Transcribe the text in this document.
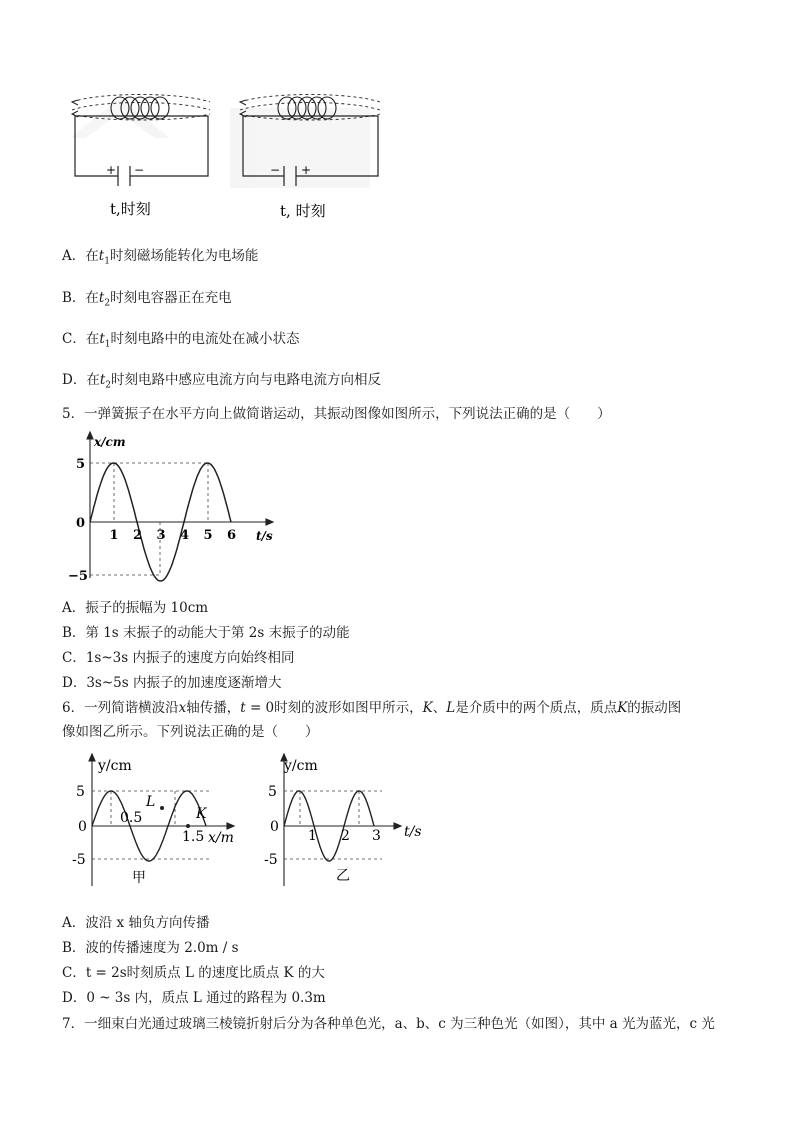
+ −	− +
t,时刻	t, 时刻
A．在$t_1$时刻磁场能转化为电场能
B．在$t_2$时刻电容器正在充电
C．在$t_1$时刻电路中的电流处在减小状态
D．在$t_2$时刻电路中感应电流方向与电路电流方向相反
5．一弹簧振子在水平方向上做简谐运动，其振动图像如图所示，下列说法正确的是（　　）
1 2 3 4 5 6
5
0
−5
x/cm
t/s
A．振子的振幅为 10cm
B．第 1s 末振子的动能大于第 2s 末振子的动能
C．1s~3s 内振子的速度方向始终相同
D．3s~5s 内振子的加速度逐渐增大
6．一列简谐横波沿x轴传播，t = 0时刻的波形如图甲所示，K、L是介质中的两个质点，质点K的振动图
像如图乙所示。下列说法正确的是（　　）
L
K
y/cm
x/m
5
0
-5
0.5
1.5
甲
y/cm
t/s
5
0
-5
1 2 3
乙
A．波沿 x 轴负方向传播
B．波的传播速度为 2.0m / s
C．t = 2s时刻质点 L 的速度比质点 K 的大
D．0 ~ 3s 内，质点 L 通过的路程为 0.3m
7．一细束白光通过玻璃三棱镜折射后分为各种单色光，a、b、c 为三种色光（如图），其中 a 光为蓝光，c 光
